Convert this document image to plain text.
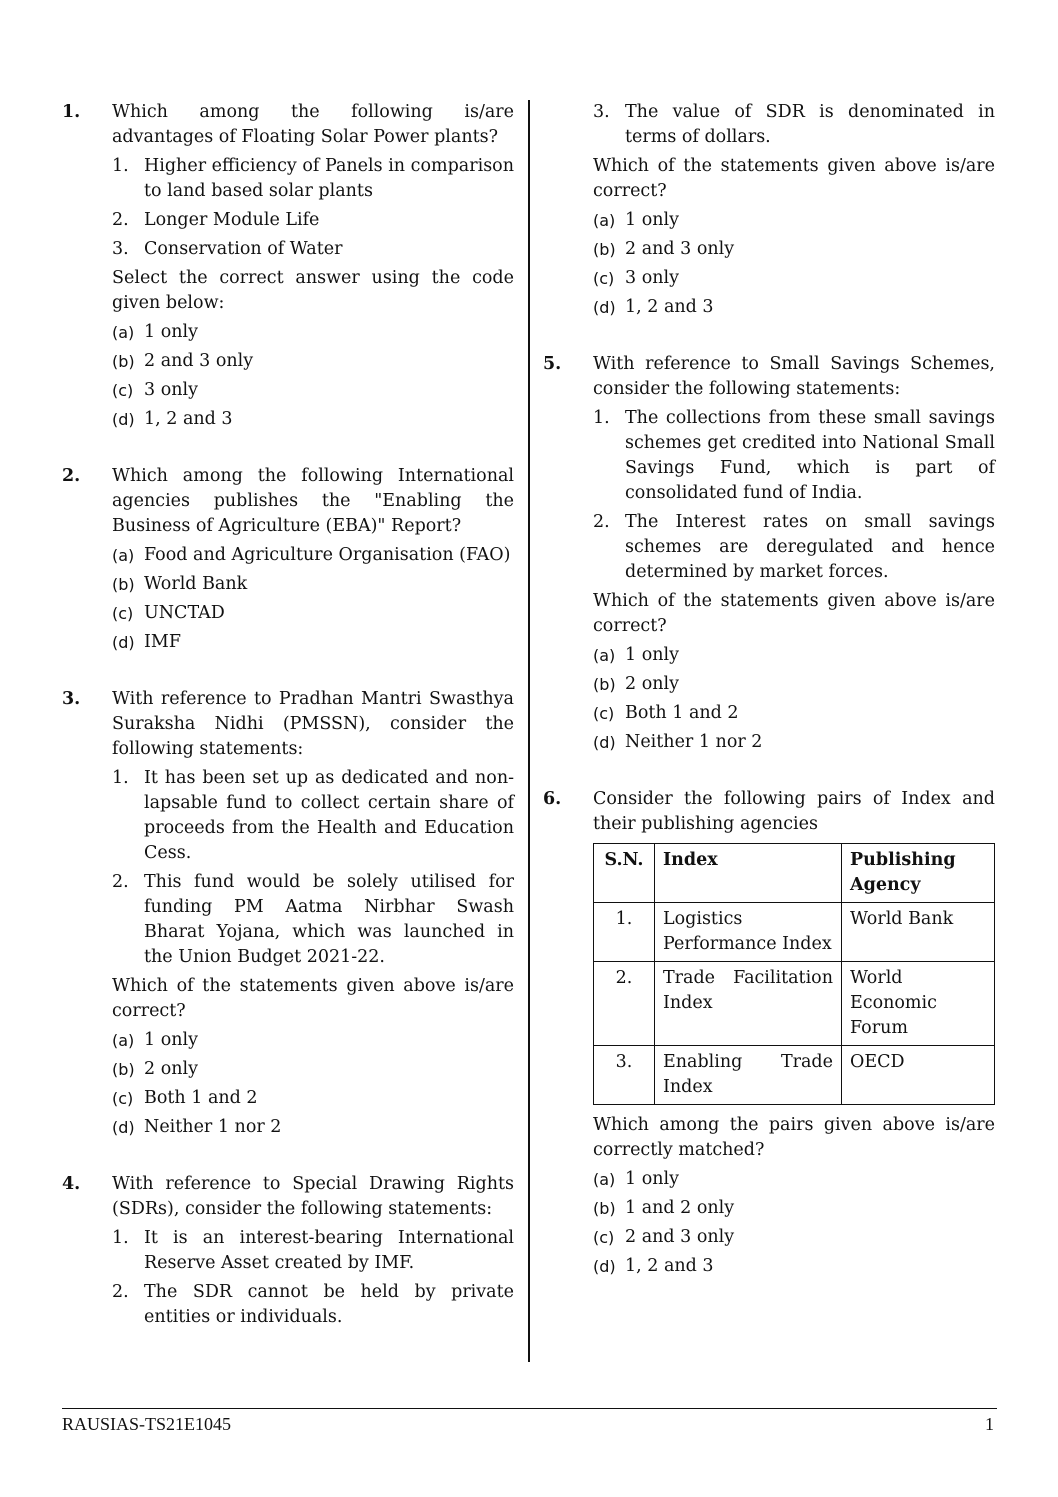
1. Which among the following is/are advantages of Floating Solar Power plants?
1. Higher efficiency of Panels in comparison to land based solar plants
2. Longer Module Life
3. Conservation of Water
Select the correct answer using the code given below:
(a) 1 only
(b) 2 and 3 only
(c) 3 only
(d) 1, 2 and 3
2. Which among the following International agencies publishes the "Enabling the Business of Agriculture (EBA)" Report?
(a) Food and Agriculture Organisation (FAO)
(b) World Bank
(c) UNCTAD
(d) IMF
3. With reference to Pradhan Mantri Swasthya Suraksha Nidhi (PMSSN), consider the following statements:
1. It has been set up as dedicated and non-lapsable fund to collect certain share of proceeds from the Health and Education Cess.
2. This fund would be solely utilised for funding PM Aatma Nirbhar Swash Bharat Yojana, which was launched in the Union Budget 2021-22.
Which of the statements given above is/are correct?
(a) 1 only
(b) 2 only
(c) Both 1 and 2
(d) Neither 1 nor 2
4. With reference to Special Drawing Rights (SDRs), consider the following statements:
1. It is an interest-bearing International Reserve Asset created by IMF.
2. The SDR cannot be held by private entities or individuals.
3. The value of SDR is denominated in terms of dollars.
Which of the statements given above is/are correct?
(a) 1 only
(b) 2 and 3 only
(c) 3 only
(d) 1, 2 and 3
5. With reference to Small Savings Schemes, consider the following statements:
1. The collections from these small savings schemes get credited into National Small Savings Fund, which is part of consolidated fund of India.
2. The Interest rates on small savings schemes are deregulated and hence determined by market forces.
Which of the statements given above is/are correct?
(a) 1 only
(b) 2 only
(c) Both 1 and 2
(d) Neither 1 nor 2
6. Consider the following pairs of Index and their publishing agencies
S.N.	Index	Publishing Agency
1.	Logistics Performance Index	World Bank
2.	Trade Facilitation Index	World Economic Forum
3.	Enabling Trade Index	OECD
Which among the pairs given above is/are correctly matched?
(a) 1 only
(b) 1 and 2 only
(c) 2 and 3 only
(d) 1, 2 and 3
RAUSIAS-TS21E1045	1
